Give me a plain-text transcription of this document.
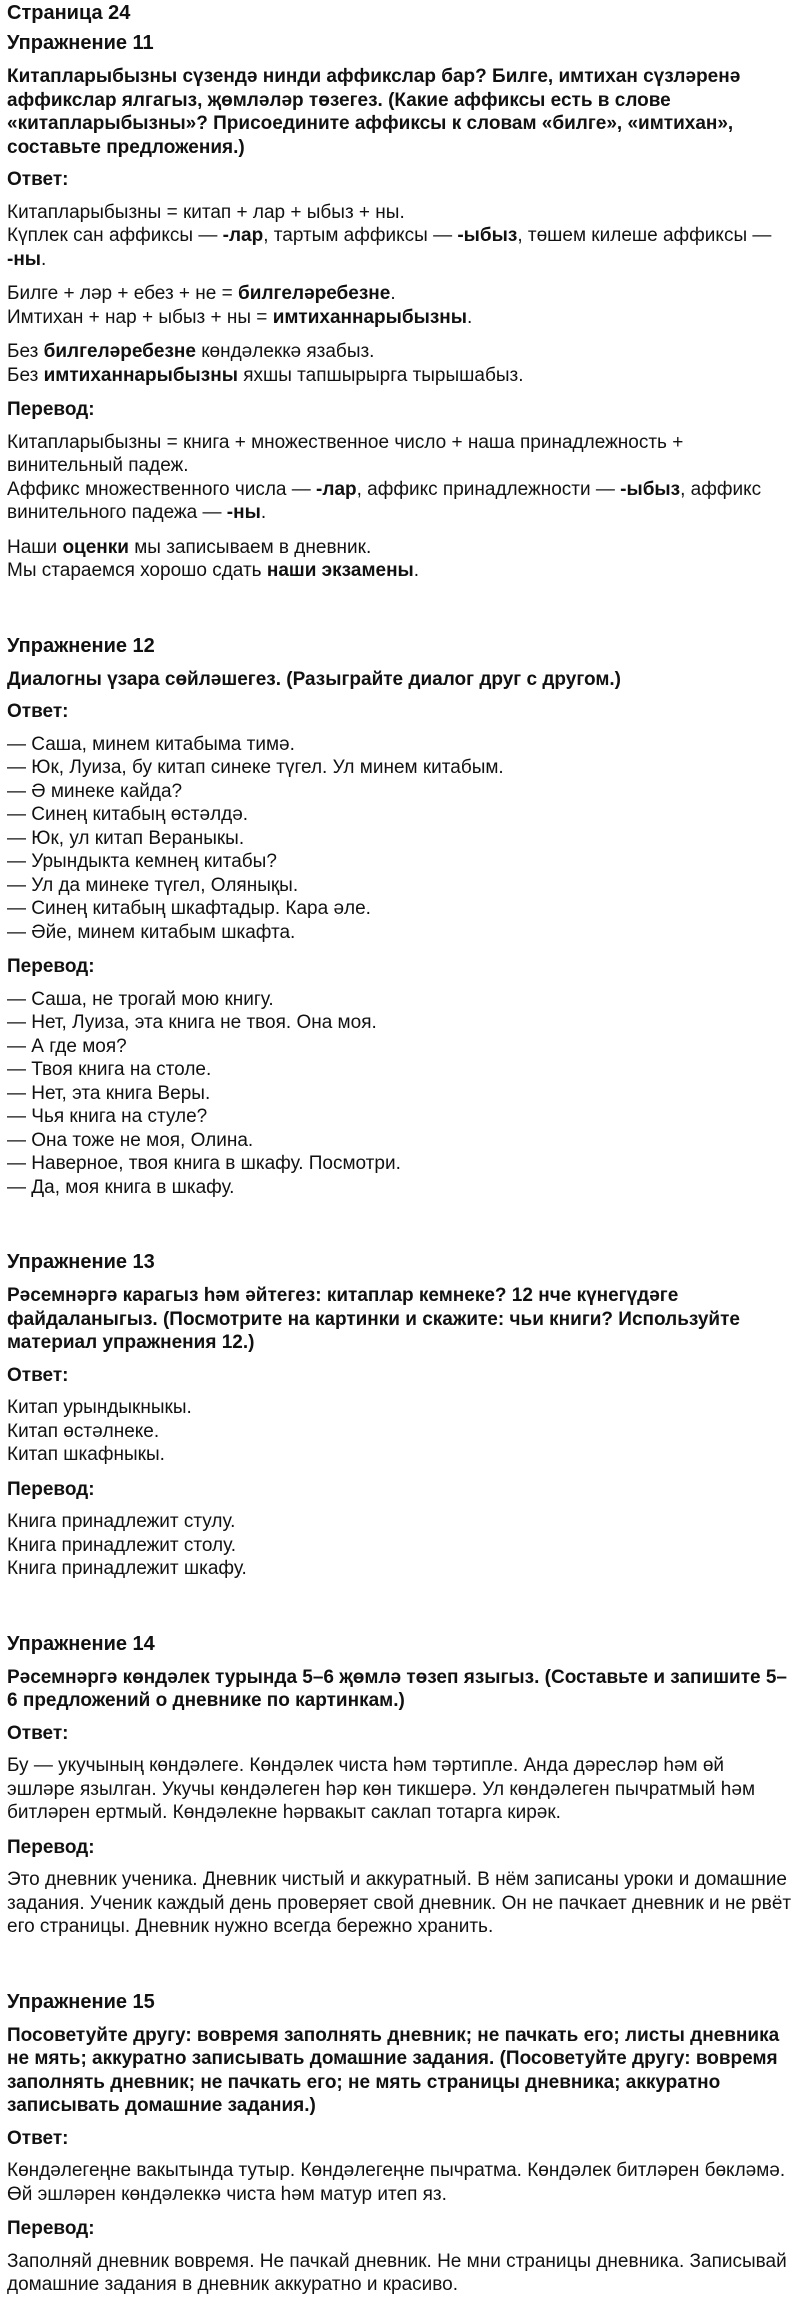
Страница 24
Упражнение 11
Китапларыбызны сүзендә нинди аффикслар бар? Билге, имтихан сүзләренә аффикслар ялгагыз, җөмләләр төзегез. (Какие аффиксы есть в слове «китапларыбызны»? Присоедините аффиксы к словам «билге», «имтихан», составьте предложения.)
Ответ:
Китапларыбызны = китап + лар + ыбыз + ны.
Күплек сан аффиксы — -лар, тартым аффиксы — -ыбыз, төшем килеше аффиксы — -ны.
Билге + ләр + ебез + не = билгеләребезне.
Имтихан + нар + ыбыз + ны = имтиханнарыбызны.
Без билгеләребезне көндәлеккә язабыз.
Без имтиханнарыбызны яхшы тапшырырга тырышабыз.
Перевод:
Китапларыбызны = книга + множественное число + наша принадлежность + винительный падеж.
Аффикс множественного числа — -лар, аффикс принадлежности — -ыбыз, аффикс винительного падежа — -ны.
Наши оценки мы записываем в дневник.
Мы стараемся хорошо сдать наши экзамены.
Упражнение 12
Диалогны үзара сөйләшегез. (Разыграйте диалог друг с другом.)
Ответ:
— Саша, минем китабыма тимә.
— Юк, Луиза, бу китап синеке түгел. Ул минем китабым.
— Ә минеке кайда?
— Синең китабың өстәлдә.
— Юк, ул китап Вераныкы.
— Урындыкта кемнең китабы?
— Ул да минеке түгел, Олянықы.
— Синең китабың шкафтадыр. Кара әле.
— Әйе, минем китабым шкафта.
Перевод:
— Саша, не трогай мою книгу.
— Нет, Луиза, эта книга не твоя. Она моя.
— А где моя?
— Твоя книга на столе.
— Нет, эта книга Веры.
— Чья книга на стуле?
— Она тоже не моя, Олина.
— Наверное, твоя книга в шкафу. Посмотри.
— Да, моя книга в шкафу.
Упражнение 13
Рәсемнәргә карагыз һәм әйтегез: китаплар кемнеке? 12 нче күнегүдәге файдаланыгыз. (Посмотрите на картинки и скажите: чьи книги? Используйте материал упражнения 12.)
Ответ:
Китап урындыкныкы.
Китап өстәлнеке.
Китап шкафныкы.
Перевод:
Книга принадлежит стулу.
Книга принадлежит столу.
Книга принадлежит шкафу.
Упражнение 14
Рәсемнәргә көндәлек турында 5–6 җөмлә төзеп языгыз. (Составьте и запишите 5–6 предложений о дневнике по картинкам.)
Ответ:
Бу — укучының көндәлеге. Көндәлек чиста һәм тәртипле. Анда дәресләр һәм өй эшләре язылган. Укучы көндәлеген һәр көн тикшерә. Ул көндәлеген пычратмый һәм битләрен ертмый. Көндәлекне һәрвакыт саклап тотарга кирәк.
Перевод:
Это дневник ученика. Дневник чистый и аккуратный. В нём записаны уроки и домашние задания. Ученик каждый день проверяет свой дневник. Он не пачкает дневник и не рвёт его страницы. Дневник нужно всегда бережно хранить.
Упражнение 15
Посоветуйте другу: вовремя заполнять дневник; не пачкать его; листы дневника не мять; аккуратно записывать домашние задания. (Посоветуйте другу: вовремя заполнять дневник; не пачкать его; не мять страницы дневника; аккуратно записывать домашние задания.)
Ответ:
Көндәлегеңне вакытында тутыр. Көндәлегеңне пычратма. Көндәлек битләрен бөкләмә. Өй эшләрен көндәлеккә чиста һәм матур итеп яз.
Перевод:
Заполняй дневник вовремя. Не пачкай дневник. Не мни страницы дневника. Записывай домашние задания в дневник аккуратно и красиво.
